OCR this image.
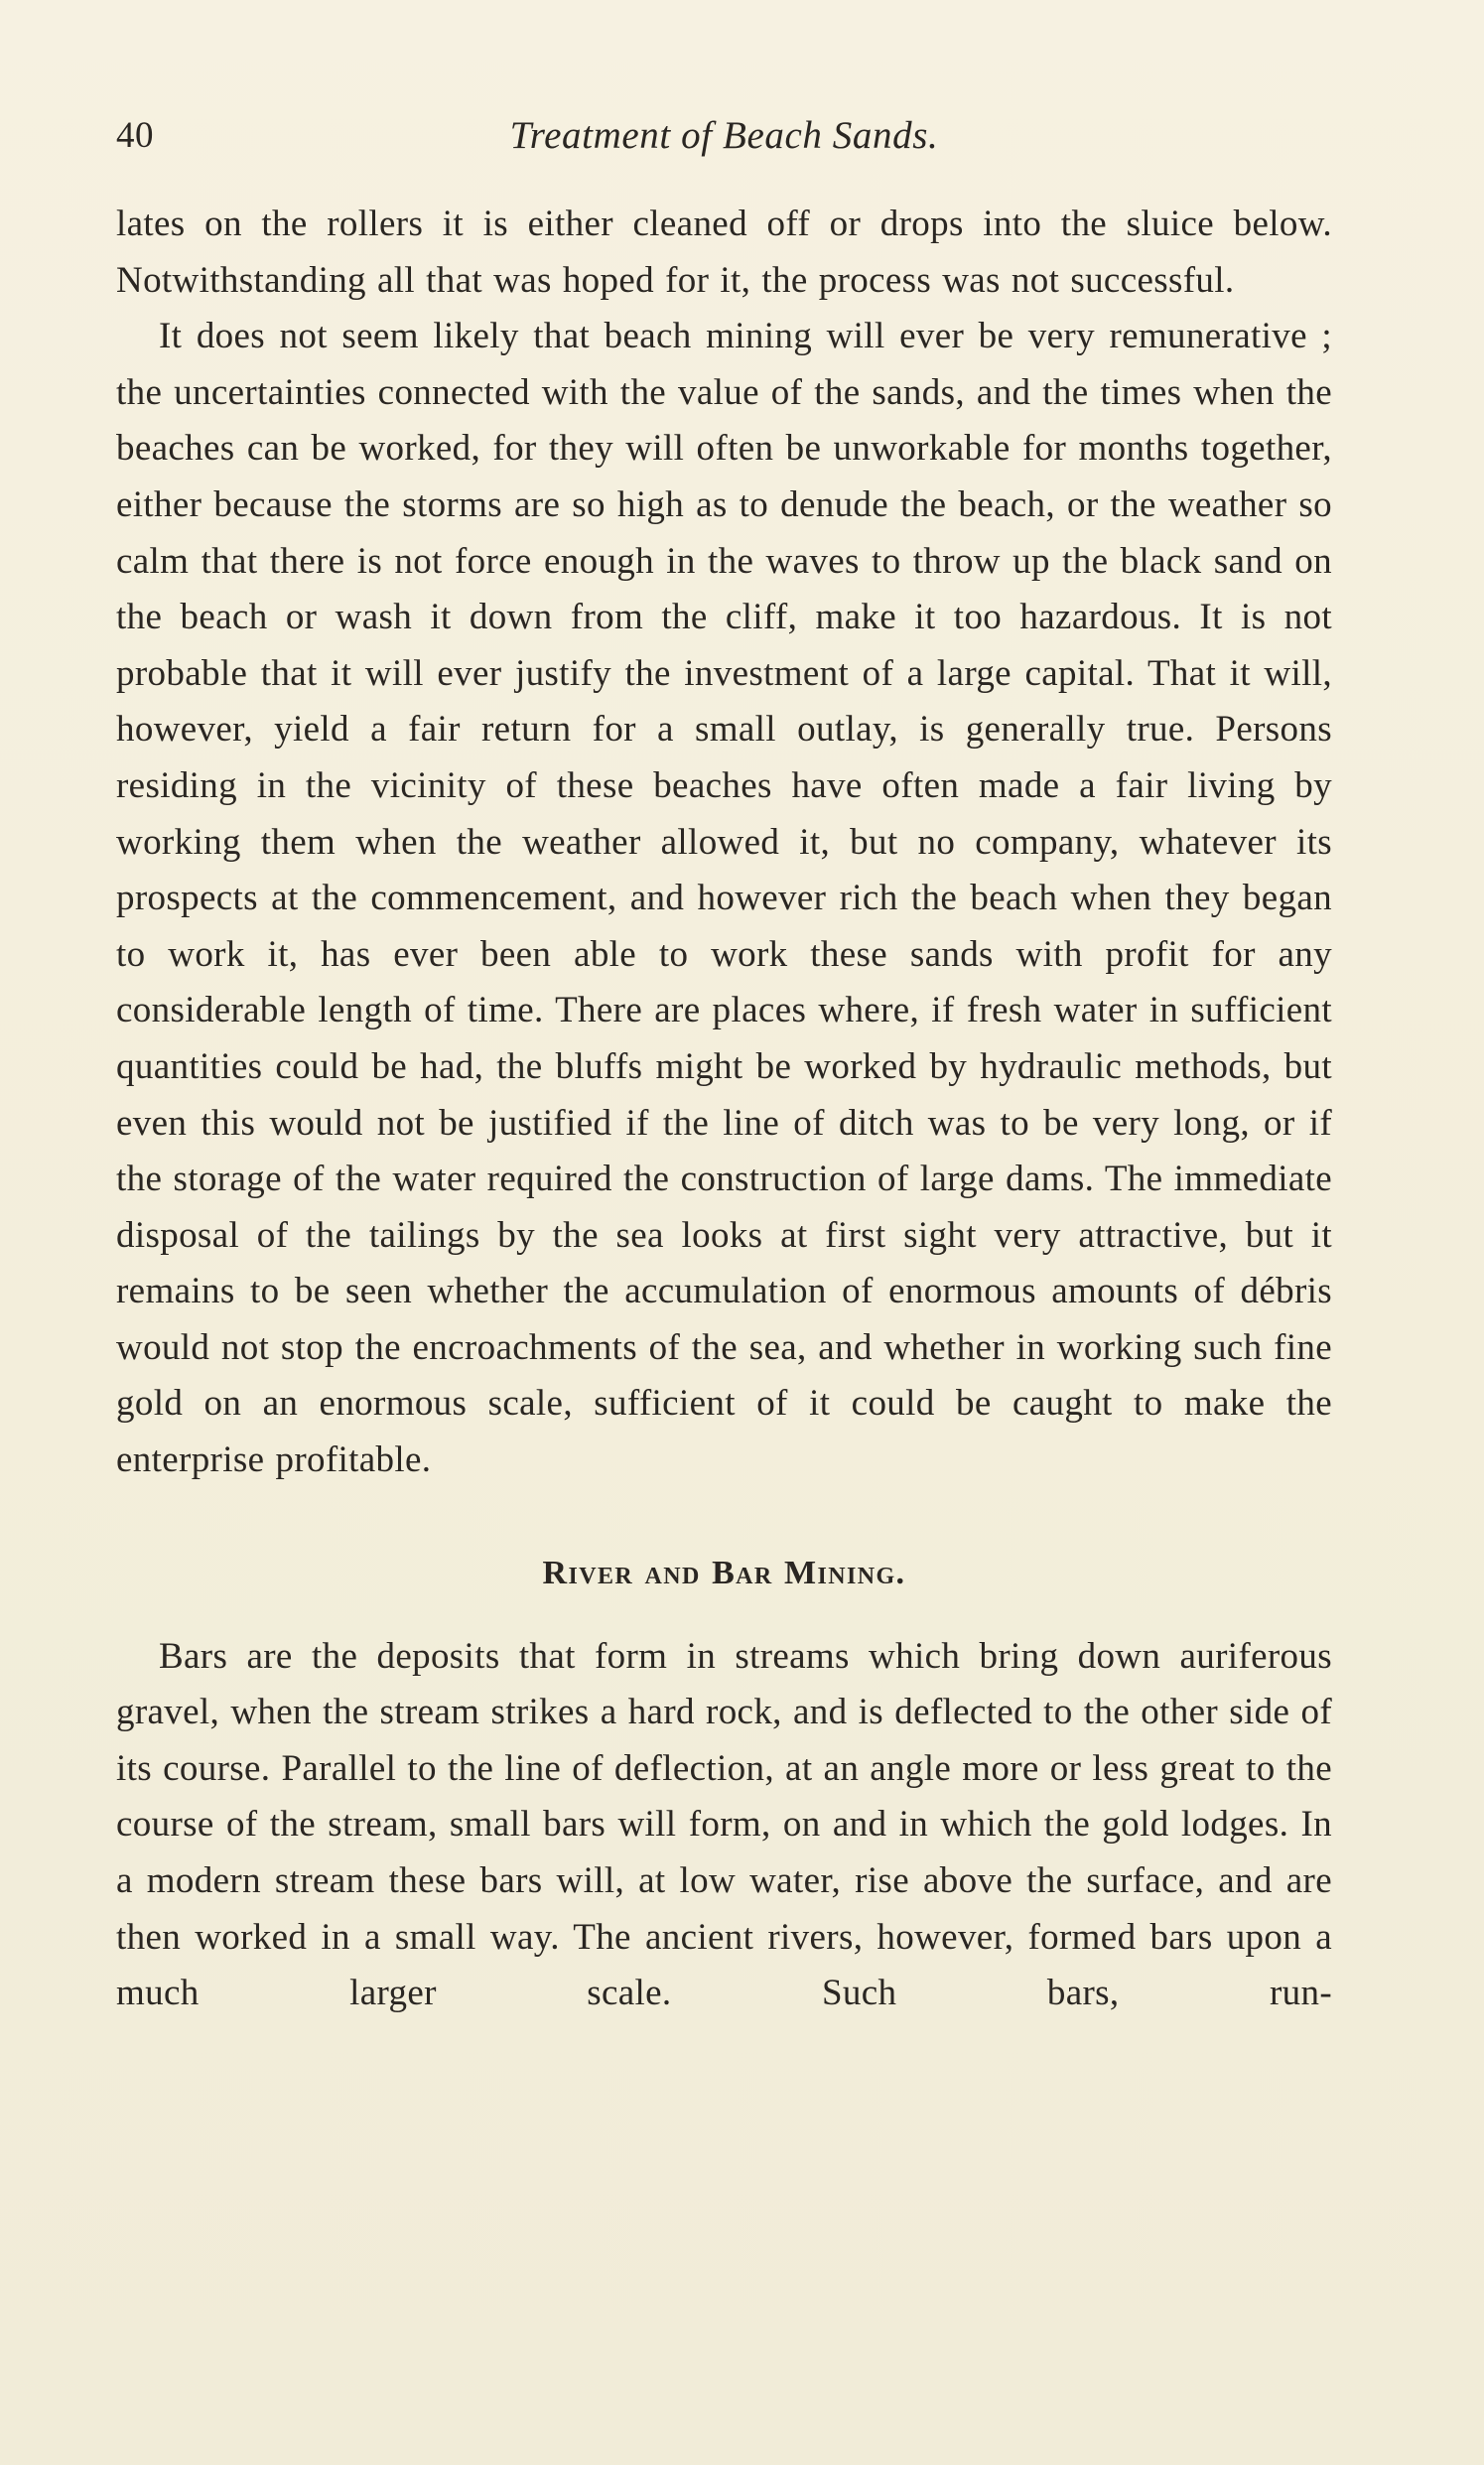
40	Treatment of Beach Sands.

lates on the rollers it is either cleaned off or drops into the sluice below. Notwithstanding all that was hoped for it, the process was not successful.

It does not seem likely that beach mining will ever be very remunerative ; the uncertainties connected with the value of the sands, and the times when the beaches can be worked, for they will often be unworkable for months together, either because the storms are so high as to denude the beach, or the weather so calm that there is not force enough in the waves to throw up the black sand on the beach or wash it down from the cliff, make it too hazardous. It is not probable that it will ever justify the investment of a large capital. That it will, however, yield a fair return for a small outlay, is generally true. Persons residing in the vicinity of these beaches have often made a fair living by working them when the weather allowed it, but no company, whatever its prospects at the commencement, and however rich the beach when they began to work it, has ever been able to work these sands with profit for any considerable length of time. There are places where, if fresh water in sufficient quantities could be had, the bluffs might be worked by hydraulic methods, but even this would not be justified if the line of ditch was to be very long, or if the storage of the water required the construction of large dams. The immediate disposal of the tailings by the sea looks at first sight very attractive, but it remains to be seen whether the accumulation of enormous amounts of débris would not stop the encroachments of the sea, and whether in working such fine gold on an enormous scale, sufficient of it could be caught to make the enterprise profitable.

River and Bar Mining.

Bars are the deposits that form in streams which bring down auriferous gravel, when the stream strikes a hard rock, and is deflected to the other side of its course. Parallel to the line of deflection, at an angle more or less great to the course of the stream, small bars will form, on and in which the gold lodges. In a modern stream these bars will, at low water, rise above the surface, and are then worked in a small way. The ancient rivers, however, formed bars upon a much larger scale. Such bars, run-
